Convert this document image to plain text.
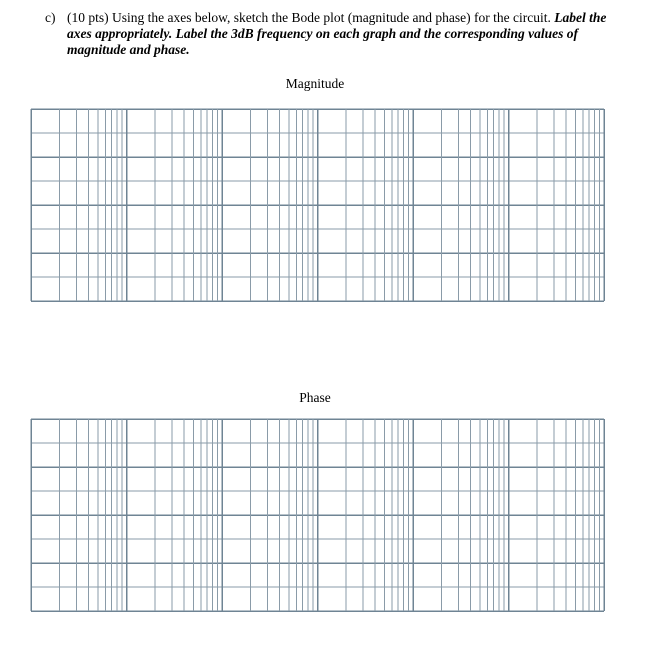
c) (10 pts) Using the axes below, sketch the Bode plot (magnitude and phase) for the circuit. Label the axes appropriately. Label the 3dB frequency on each graph and the corresponding values of magnitude and phase.
Magnitude
Phase
